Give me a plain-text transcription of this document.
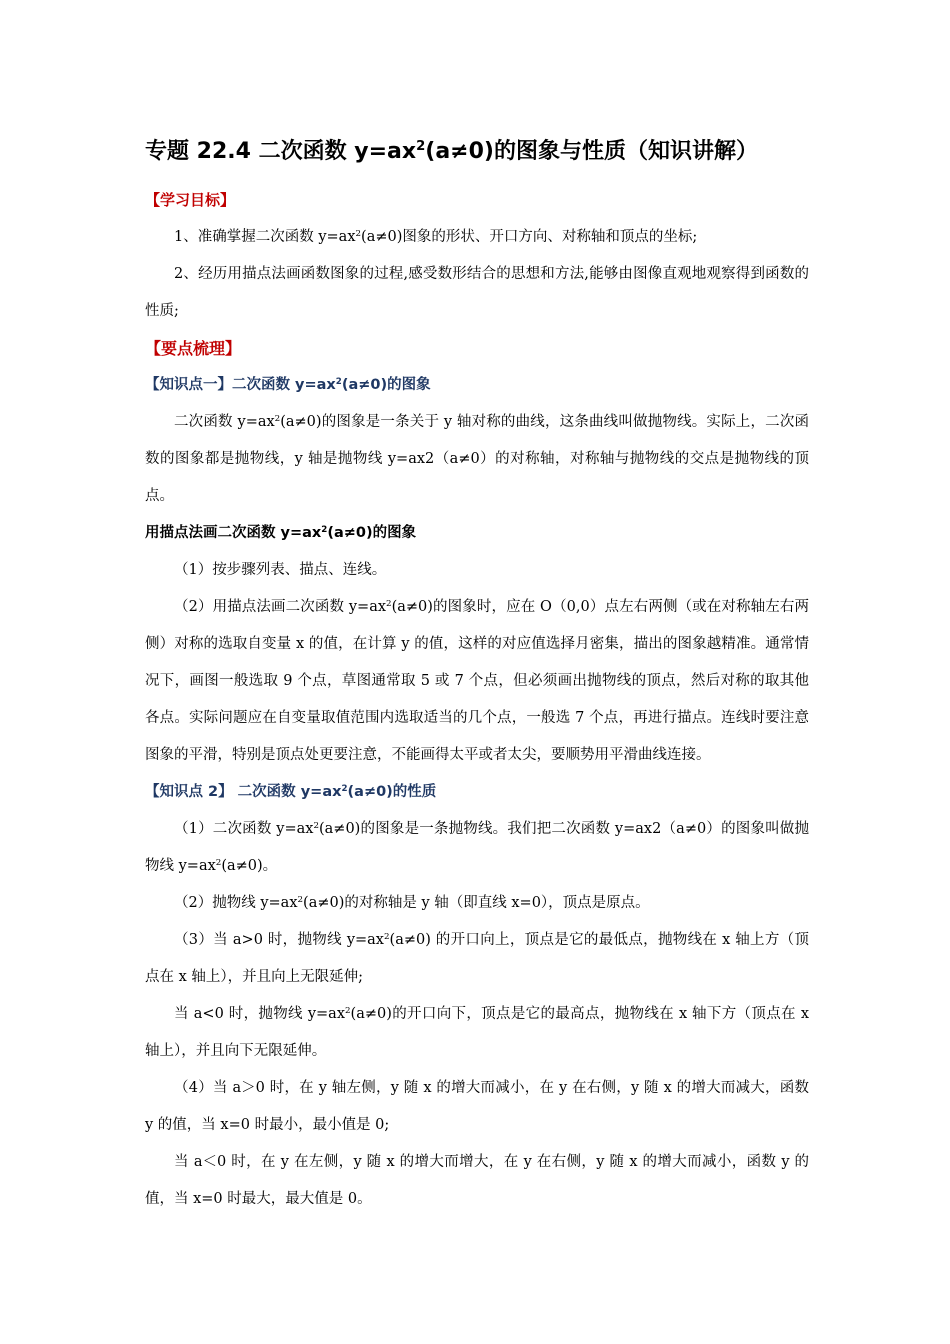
专题 22.4 二次函数 $y=ax^2(a\ne 0)$的图象与性质（知识讲解）

【学习目标】

1、准确掌握二次函数 $y=ax^2(a\ne 0)$图象的形状、开口方向、对称轴和顶点的坐标;

2、经历用描点法画函数图象的过程,感受数形结合的思想和方法,能够由图像直观地观察得到函数的性质;

【要点梳理】

【知识点一】二次函数 $y=ax^2(a\ne 0)$的图象

二次函数 $y=ax^2(a\ne 0)$的图象是一条关于 y 轴对称的曲线，这条曲线叫做抛物线。实际上，二次函数的图象都是抛物线，y 轴是抛物线 y=ax2（a≠0）的对称轴，对称轴与抛物线的交点是抛物线的顶点。

用描点法画二次函数 $y=ax^2(a\ne 0)$的图象

（1）按步骤列表、描点、连线。

（2）用描点法画二次函数 $y=ax^2(a\ne 0)$的图象时，应在 O（0,0）点左右两侧（或在对称轴左右两侧）对称的选取自变量 x 的值，在计算 y 的值，这样的对应值选择月密集，描出的图象越精准。通常情况下，画图一般选取 9 个点，草图通常取 5 或 7 个点，但必须画出抛物线的顶点，然后对称的取其他各点。实际问题应在自变量取值范围内选取适当的几个点，一般选 7 个点，再进行描点。连线时要注意图象的平滑，特别是顶点处更要注意，不能画得太平或者太尖，要顺势用平滑曲线连接。

【知识点 2】 二次函数 $y=ax^2(a\ne 0)$的性质

（1）二次函数 $y=ax^2(a\ne 0)$的图象是一条抛物线。我们把二次函数 y=ax2（a≠0）的图象叫做抛物线 $y=ax^2(a\ne 0)$。

（2）抛物线 $y=ax^2(a\ne 0)$的对称轴是 y 轴（即直线 x=0），顶点是原点。

（3）当 a>0 时，抛物线 $y=ax^2(a\ne 0)$ 的开口向上，顶点是它的最低点，抛物线在 x 轴上方（顶点在 x 轴上），并且向上无限延伸;

当 a<0 时，抛物线 $y=ax^2(a\ne 0)$的开口向下，顶点是它的最高点，抛物线在 x 轴下方（顶点在 x 轴上），并且向下无限延伸。

（4）当 a＞0 时，在 y 轴左侧，y 随 x 的增大而减小，在 y 在右侧，y 随 x 的增大而减大，函数 y 的值，当 x=0 时最小，最小值是 0;

当 a＜0 时，在 y 在左侧，y 随 x 的增大而增大，在 y 在右侧，y 随 x 的增大而减小，函数 y 的值，当 x=0 时最大，最大值是 0。
